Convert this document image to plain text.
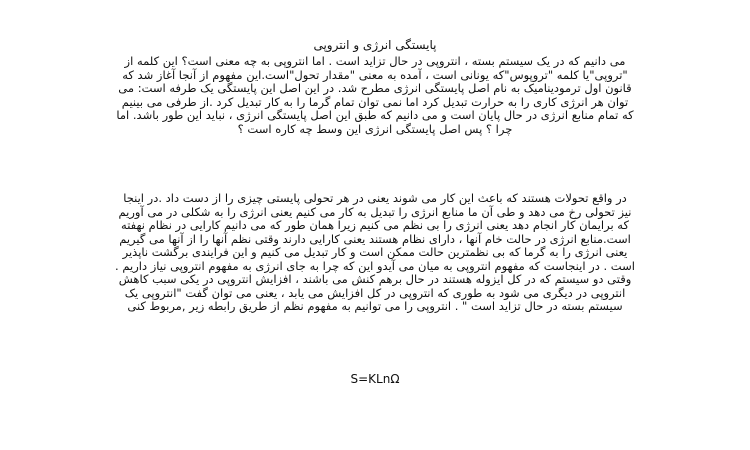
پایستگی انرژی و انتروپی
می دانیم که در یک سیستم بسته ، انتروپی در حال تزاید است . اما انتروپی به چه معنی است؟ این کلمه از "تروپی"یا کلمه "تروپوس"که یونانی است ، آمده به معنی "مقدار تحول"است.این مفهوم از آنجا آغاز شد که قانون اول ترمودینامیک به نام اصل پایستگی انرژی مطرح شد. در این اصل این پایستگی یک طرفه است: می توان هر انرژی کاری را به حرارت تبدیل کرد اما نمی توان تمام گرما را به کار تبدیل کرد .از طرفی می بینیم که تمام منابع انرژی در حال پایان است و می دانیم که طبق این اصل پایستگی انرژی ، نباید این طور باشد. اما چرا ؟ پس اصل پایستگی انرژی این وسط چه کاره است ؟
در واقع تحولات هستند که باعث این کار می شوند یعنی در هر تحولی پایستی چیزی را از دست داد .در اینجا نیز تحولی رخ می دهد و طی آن ما منابع انرژی را تبدیل به کار می کنیم یعنی انرژی را به شکلی در می آوریم که برایمان کار انجام دهد یعنی انرژی را بی نظم می کنیم زیرا همان طور که می دانیم کارایی در نظام نهفته است.منابع انرژی در حالت خام آنها ، دارای نظام هستند یعنی کارایی دارند وقتی نظم آنها را از آنها می گیریم یعنی انرژی را به گرما که بی نظمترین حالت ممکن است و کار تبدیل می کنیم و این فرایندی برگشت ناپذیر است . در اینجاست که مفهوم انتروپی به میان می آیدو این که چرا به جای انرژی به مفهوم انتروپی نیاز داریم . وقتی دو سیستم که در کل ایزوله هستند در حال برهم کنش می باشند ، افزایش انتروپی در یکی سبب کاهش انتروپی در دیگری می شود به طوری که انتروپی در کل افزایش می یابد ، یعنی می توان گفت "انتروپی یک سیستم بسته در حال تزاید است " . انتروپی را می توانیم به مفهوم نظم از طریق رابطه زیر ,مربوط کنی
S=KLnΩ
